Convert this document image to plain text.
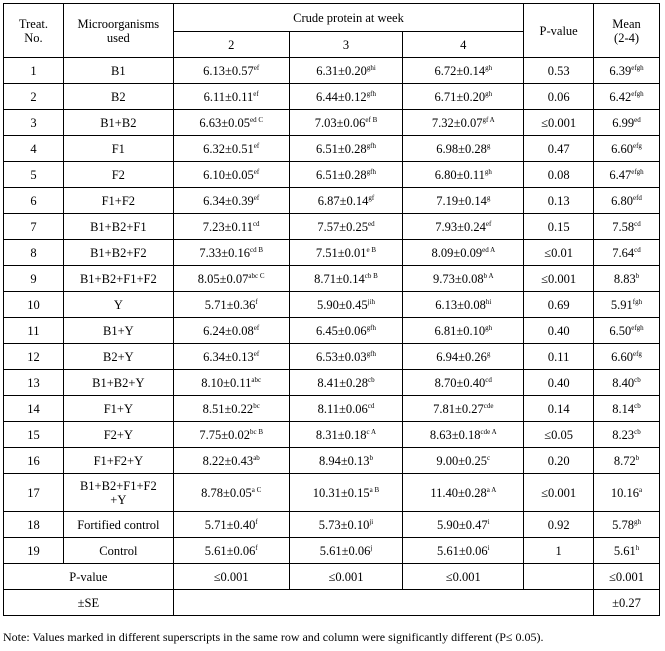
Treat.
No.	Microorganisms
used	Crude protein at week			P-value	Mean
(2-4)
		2	3	4		
1	B1	6.13±0.57$^{ef}$	$6.31\pm 0.20^{ghi}$	6.72±0.14$^{gh}$	0.53	$6.39^{efgh}$
2	B2	6.11±0.11$^{ef}$	6.44±0.12$^{gfh}$	6.71±0.20$^{gh}$	0.06	$6.42^{efgh}$
3	B1+B2	$6.63\pm 0.05^{ed C}$	$7.03\pm 0.06^{ef B}$	$7.32\pm 0.07^{gf A}$	≤0.001	6.99$^{ed}$
4	F1	6.32±0.51$^{ef}$	6.51±0.28$^{gfh}$	6.98±0.28$^g$	0.47	6.60$^{efg}$
5	F2	6.10±0.05$^{ef}$	6.51±0.28$^{gfh}$	6.80±0.11$^{gh}$	0.08	$6.47^{efgh}$
6	F1+F2	6.34±0.39$^{ef}$	6.87±0.14$^{gf}$	7.19±0.14$^g$	0.13	6.80$^{efd}$
7	B1+B2+F1	7.23±0.11$^{cd}$	7.57±0.25$^{ed}$	7.93±0.24$^{ef}$	0.15	7.58$^{cd}$
8	B1+B2+F2	$7.33\pm 0.16^{cd B}$	$7.51\pm 0.01^{e B}$	$8.09\pm 0.09^{ed A}$	≤0.01	7.64$^{cd}$
9	B1+B2+F1+F2	$8.05\pm 0.07^{abc C}$	$8.71\pm 0.14^{cb B}$	$9.73\pm 0.08^{b A}$	≤0.001	8.83$^b$
10	Y	5.71±0.36$^f$	$5.90\pm 0.45^{jih}$	$6.13\pm 0.08^{hi}$	0.69	5.91$^{fgh}$
11	B1+Y	6.24±0.08$^{ef}$	6.45±0.06$^{gfh}$	6.81±0.10$^{gh}$	0.40	$6.50^{efgh}$
12	B2+Y	6.34±0.13$^{ef}$	6.53±0.03$^{gfh}$	6.94±0.26$^g$	0.11	6.60$^{efg}$
13	B1+B2+Y	8.10±0.11$^{abc}$	8.41±0.28$^{cb}$	8.70±0.40$^{cd}$	0.40	8.40$^{cb}$
14	F1+Y	8.51±0.22$^{bc}$	8.11±0.06$^{cd}$	7.81±0.27$^{cde}$	0.14	8.14$^{cb}$
15	F2+Y	$7.75\pm 0.02^{bc B}$	$8.31\pm 0.18^{c A}$	$8.63\pm 0.18^{cde A}$	≤0.05	8.23$^{cb}$
16	F1+F2+Y	8.22±0.43$^{ab}$	8.94±0.13$^b$	9.00±0.25$^c$	0.20	8.72$^b$
17	B1+B2+F1+F2
+Y	$8.78\pm 0.05^{a C}$	$10.31\pm 0.15^{a B}$	$11.40\pm 0.28^{a A}$	≤0.001	10.16$^a$
18	Fortified control	5.71±0.40$^f$	$5.73\pm 0.10^{ji}$	$5.90\pm 0.47^i$	0.92	5.78$^{gh}$
19	Control	5.61±0.06$^f$	$5.61\pm 0.06^j$	$5.61\pm 0.06^i$	1	5.61$^h$
P-value		≤0.001	≤0.001	≤0.001		≤0.001
±SE						±0.27
Note: Values marked in different superscripts in the same row and column were significantly different (P≤ 0.05).
